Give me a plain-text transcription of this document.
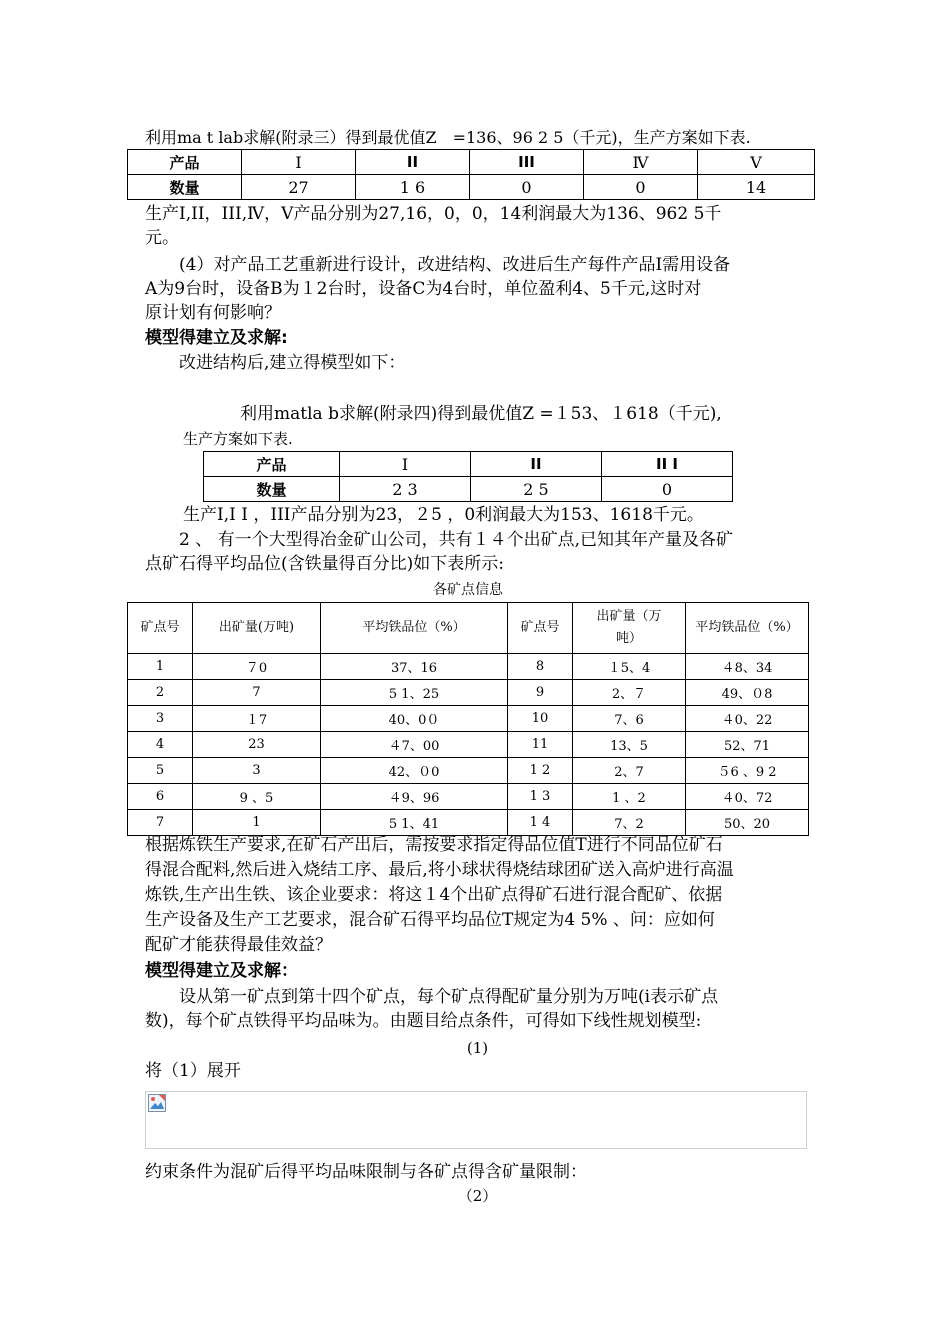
利用ma t lab求解(附录三）得到最优值Z　=136、96 2 5（千元)，生产方案如下表.
产品	I	II	III	Ⅳ	Ⅴ
数量	27	1 6	0	0	14
生产I,II，III,Ⅳ，Ⅴ产品分别为27,16，0，0，14利润最大为136、962 5千
元。
(4）对产品工艺重新进行设计，改进结构、改进后生产每件产品I需用设备
A为9台时，设备B为１2台时，设备C为4台时，单位盈利4、5千元,这时对
原计划有何影响？
模型得建立及求解:
改进结构后,建立得模型如下：
利用matla b求解(附录四)得到最优值Z =１53、１618（千元),
生产方案如下表.
产品	I	II	II I
数量	2 3	2 5	0
生产I,I I ，III产品分别为23，２5 ，0利润最大为153、1618千元。
2 、 有一个大型得冶金矿山公司，共有１４个出矿点,已知其年产量及各矿
点矿石得平均品位(含铁量得百分比)如下表所示:
各矿点信息
矿点号	出矿量(万吨)	平均铁品位（%）	矿点号	出矿量（万
吨）	平均铁品位（%）
1	７0	37、16	8	１5、4	４8、34
2	7	5 1、25	9	2、７	49、０8
3	１7	40、0０	10	7、6	４0、22
4	23	４7、00	11	13、5	52、71
5	3	42、０0	1 2	2、7	５6 、9 2
6	9 、5	４9、96	1 3	1 、2	４0、72
7	1	5 1、41	1 4	7、2	50、20
根据炼铁生产要求,在矿石产出后，需按要求指定得品位值T进行不同品位矿石
得混合配料,然后进入烧结工序、最后,将小球状得烧结球团矿送入高炉进行高温
炼铁,生产出生铁、该企业要求：将这１4个出矿点得矿石进行混合配矿、依据
生产设备及生产工艺要求，混合矿石得平均品位T规定为4 5% 、问：应如何
配矿才能获得最佳效益？
模型得建立及求解：
设从第一矿点到第十四个矿点，每个矿点得配矿量分别为万吨(i表示矿点
数)，每个矿点铁得平均品味为。由题目给点条件，可得如下线性规划模型:
(1)
将（1）展开
约束条件为混矿后得平均品味限制与各矿点得含矿量限制：
（2）
